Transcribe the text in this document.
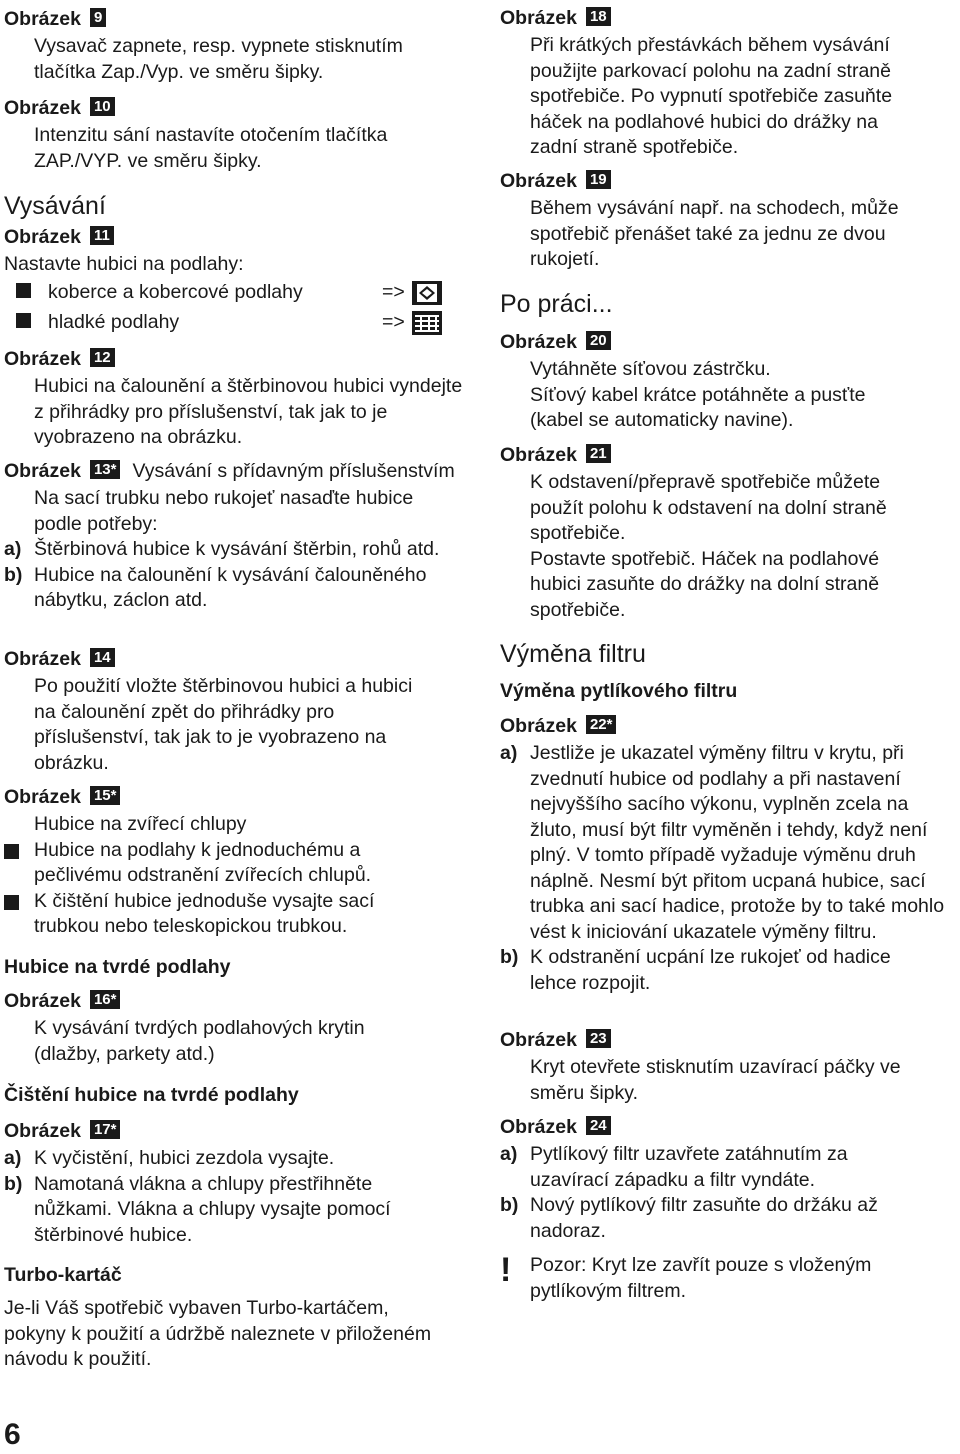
Obrázek 9
Vysavač zapnete, resp. vypnete stisknutím tlačítka Zap./Vyp. ve směru šipky.
Obrázek 10
Intenzitu sání nastavíte otočením tlačítka ZAP./VYP. ve směru šipky.
Vysávání
Obrázek 11
Nastavte hubici na podlahy:
koberce a kobercové podlahy	=>
hladké podlahy	=>
Obrázek 12
Hubici na čalounění a štěrbinovou hubici vyndejte z přihrádky pro příslušenství, tak jak to je vyobrazeno na obrázku.
Obrázek 13* Vysávání s přídavným příslušenstvím
Na sací trubku nebo rukojeť nasaďte hubice podle potřeby:
a) Štěrbinová hubice k vysávání štěrbin, rohů atd.
b) Hubice na čalounění k vysávání čalouněného nábytku, záclon atd.
Obrázek 14
Po použití vložte štěrbinovou hubici a hubici na čalounění zpět do přihrádky pro příslušenství, tak jak to je vyobrazeno na obrázku.
Obrázek 15*
Hubice na zvířecí chlupy
Hubice na podlahy k jednoduchému a pečlivému odstranění zvířecích chlupů.
K čištění hubice jednoduše vysajte sací trubkou nebo teleskopickou trubkou.
Hubice na tvrdé podlahy
Obrázek 16*
K vysávání tvrdých podlahových krytin (dlažby, parkety atd.)
Čištění hubice na tvrdé podlahy
Obrázek 17*
a) K vyčistění, hubici zezdola vysajte.
b) Namotaná vlákna a chlupy přestřihněte nůžkami. Vlákna a chlupy vysajte pomocí štěrbinové hubice.
Turbo-kartáč
Je-li Váš spotřebič vybaven Turbo-kartáčem, pokyny k použití a údržbě naleznete v přiloženém návodu k použití.
Obrázek 18
Při krátkých přestávkách během vysávání použijte parkovací polohu na zadní straně spotřebiče. Po vypnutí spotřebiče zasuňte háček na podlahové hubici do drážky na zadní straně spotřebiče.
Obrázek 19
Během vysávání např. na schodech, může spotřebič přenášet také za jednu ze dvou rukojetí.
Po práci...
Obrázek 20
Vytáhněte síťovou zástrčku.
Síťový kabel krátce potáhněte a pusťte (kabel se automaticky navine).
Obrázek 21
K odstavení/přepravě spotřebiče můžete použít polohu k odstavení na dolní straně spotřebiče.
Postavte spotřebič. Háček na podlahové hubici zasuňte do drážky na dolní straně spotřebiče.
Výměna filtru
Výměna pytlíkového filtru
Obrázek 22*
a) Jestliže je ukazatel výměny filtru v krytu, při zvednutí hubice od podlahy a při nastavení nejvyššího sacího výkonu, vyplněn zcela na žluto, musí být filtr vyměněn i tehdy, když není plný. V tomto případě vyžaduje výměnu druh náplně. Nesmí být přitom ucpaná hubice, sací trubka ani sací hadice, protože by to také mohlo vést k iniciování ukazatele výměny filtru.
b) K odstranění ucpání lze rukojeť od hadice lehce rozpojit.
Obrázek 23
Kryt otevřete stisknutím uzavírací páčky ve směru šipky.
Obrázek 24
a) Pytlíkový filtr uzavřete zatáhnutím za uzavírací západku a filtr vyndáte.
b) Nový pytlíkový filtr zasuňte do držáku až nadoraz.
! Pozor: Kryt lze zavřít pouze s vloženým pytlíkovým filtrem.
6
